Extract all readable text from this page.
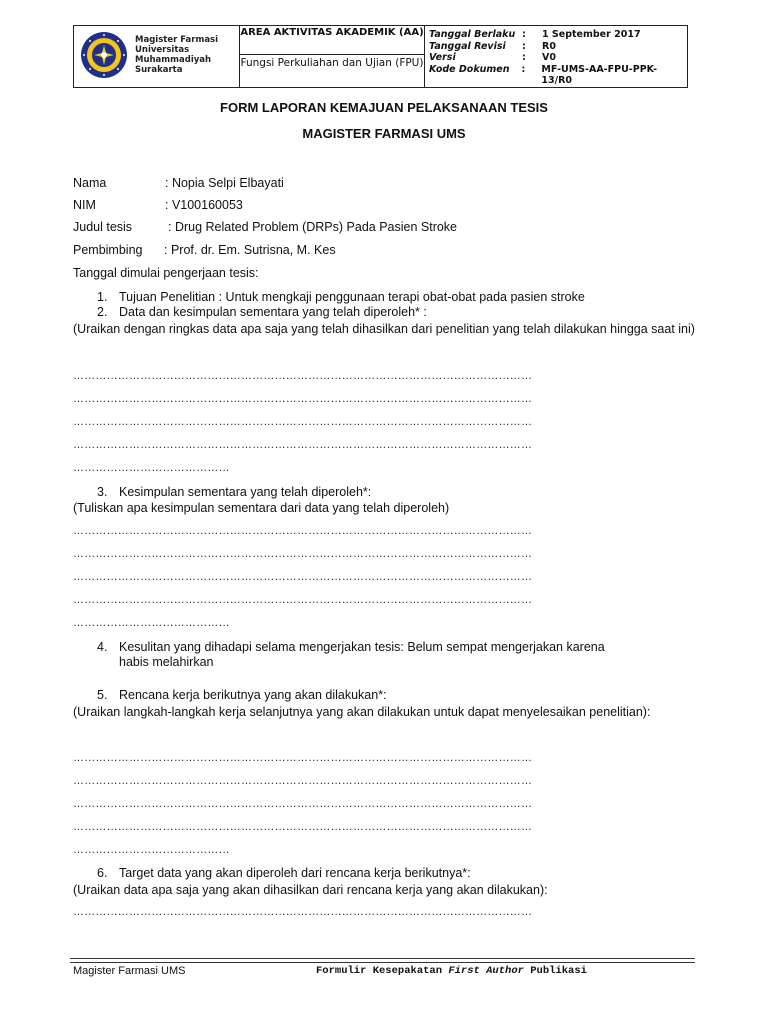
Magister Farmasi
Universitas
Muhammadiyah
Surakarta

AREA AKTIVITAS AKADEMIK (AA)
Fungsi Perkuliahan dan Ujian (FPU)

Tanggal Berlaku :	1 September 2017
Tanggal Revisi	:	R0
Versi	:	V0
Kode Dokumen	:	MF-UMS-AA-FPU-PPK-13/R0
FORM LAPORAN KEMAJUAN PELAKSANAAN TESIS
MAGISTER FARMASI UMS
Nama	: Nopia Selpi Elbayati
NIM	: V100160053
Judul tesis	: Drug Related Problem (DRPs) Pada Pasien Stroke
Pembimbing : Prof. dr. Em. Sutrisna, M. Kes
Tanggal dimulai pengerjaan tesis:
1. Tujuan Penelitian : Untuk mengkaji penggunaan terapi obat-obat pada pasien stroke
2. Data dan kesimpulan sementara yang telah diperoleh* :
(Uraikan dengan ringkas data apa saja yang telah dihasilkan dari penelitian yang telah dilakukan hingga saat ini)
……………………………………………………………………………………………………………
……………………………………………………………………………………………………………
……………………………………………………………………………………………………………
……………………………………………………………………………………………………………
……………………………………
3. Kesimpulan sementara yang telah diperoleh*:
(Tuliskan apa kesimpulan sementara dari data yang telah diperoleh)
……………………………………………………………………………………………………………
……………………………………………………………………………………………………………
……………………………………………………………………………………………………………
……………………………………………………………………………………………………………
……………………………………
4. Kesulitan yang dihadapi selama mengerjakan tesis: Belum sempat mengerjakan karena
habis melahirkan
5. Rencana kerja berikutnya yang akan dilakukan*:
(Uraikan langkah-langkah kerja selanjutnya yang akan dilakukan untuk dapat menyelesaikan penelitian):
……………………………………………………………………………………………………………
……………………………………………………………………………………………………………
……………………………………………………………………………………………………………
……………………………………………………………………………………………………………
……………………………………
6. Target data yang akan diperoleh dari rencana kerja berikutnya*:
(Uraikan data apa saja yang akan dihasilkan dari rencana kerja yang akan dilakukan):
……………………………………………………………………………………………………………
Magister Farmasi UMS	Formulir Kesepakatan First Author Publikasi
